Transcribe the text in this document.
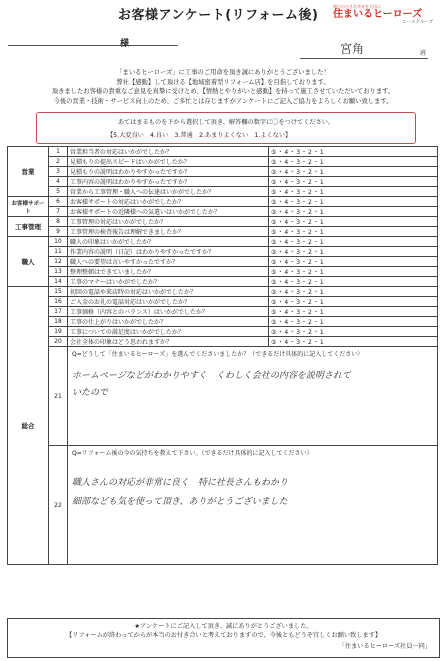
お客様アンケート(リフォーム後)
毎日の小さな幸せを大切に
住まいるヒーローズ
エースグループ
様	宮角	班
「まいるヒーローズ」に工事のご用命を頂き誠にありがとうございました！
弊社【感動】して頂ける【地域密着型リフォーム店】を目指しております。
頂きましたお客様の貴重なご意見を真摯に受けとめ、【情熱とやりがいと感動】を持って施工させていただいております。
今後の営業・技術・サービス向上のため、ご多忙とは存じますがアンケートにご記入ご協力をよろしくお願い致します。
あてはまるものを下から選択して頂き、解答欄の数字に〇をつけてください。
【5.大変良い　4.良い　3.普通　2.あまりよくない　1.よくない】
営業	1	営業担当者の対応はいかがでしたか？	⑤・4・3・2・1
	2	見積もりの提出スピードはいかがでしたか？	⑤・4・3・2・1
	3	見積もりの説明はわかりやすかったですか？	⑤・4・3・2・1
	4	工事内容の説明はわかりやすかったですか？	⑤・4・3・2・1
	5	営業から工事管理・職人への伝達はいかがでしたか？	⑤・4・3・2・1
お客様サポート	6	お客様サポートの対応はいかがでしたか？	⑤・4・3・2・1
	7	お客様サポートの近隣様への気遣いはいかがでしたか？	⑤・4・3・2・1
工事管理	8	工事管理の対応はいかがでしたか？	⑤・4・3・2・1
	9	工事管理の検査報告は理解できましたか？	⑤・4・3・2・1
職人	10	職人の印象はいかがでしたか？	⑤・4・3・2・1
	11	作業内容の説明（日記）はわかりやすかったですか？	⑤・4・3・2・1
	12	職人への要望は言いやすかったですか？	⑤・4・3・2・1
	13	整理整頓はできていましたか？	⑤・4・3・2・1
	14	工事のマナーはいかがでしたか？	⑤・4・3・2・1
総合	15	初回の電話や来店時の対応はいかがでしたか？	⑤・4・3・2・1
	16	ご入金のお礼の電話対応はいかがでしたか？	⑤・4・3・2・1
	17	工事価格（内容とのバランス）はいかがでしたか？	⑤・4・3・2・1
	18	工事の仕上がりはいかがでしたか？	⑤・4・3・2・1
	19	工事についての満足度はいかがでしたか？	⑤・4・3・2・1
	20	会社全体の印象はどう思われますか？	⑤・4・3・2・1
	21	Q=どうして「住まいるヒーローズ」を選んでくださいましたか？（できるだけ具体的に記入してください）
ホームページなどがわかりやすく　くわしく会社の内容を説明されて
いたので	

	22	Q=リフォーム後の今の気持ちを教えて下さい。（できるだけ具体的に記入してください）
職人さんの対応が非常に良く　特に社長さんもわかり
細部なども気を使って頂き、ありがとうございました	
★アンケートにご記入して頂き、誠にありがとうございました。
【リフォームが終わってからが本当のお付き合いと考えておりますので、今後ともどうぞ宜しくお願い致します】
「住まいるヒーローズ社員一同」
